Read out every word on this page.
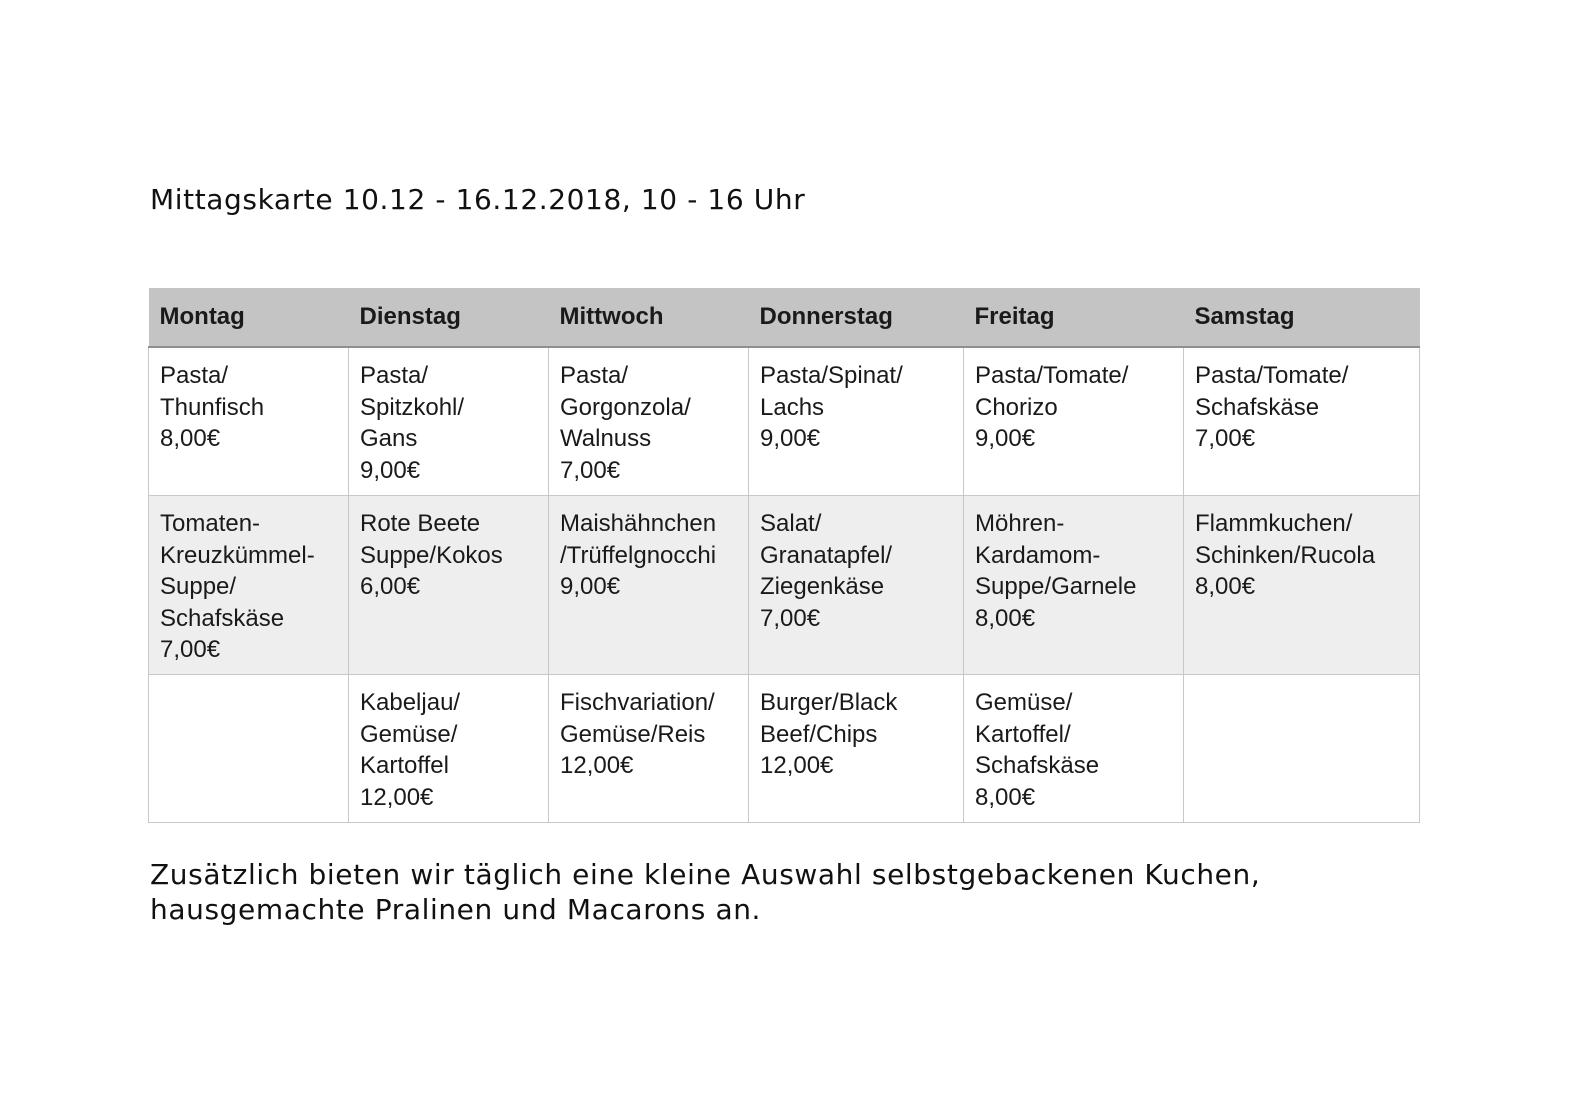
Mittagskarte 10.12 - 16.12.2018, 10 - 16 Uhr
Montag	Dienstag	Mittwoch	Donnerstag	Freitag	Samstag

Pasta/
Thunfisch
8,00€	Pasta/
Spitzkohl/
Gans
9,00€	Pasta/
Gorgonzola/
Walnuss
7,00€	Pasta/Spinat/
Lachs
9,00€	Pasta/Tomate/
Chorizo
9,00€	Pasta/Tomate/
Schafskäse
7,00€

Tomaten-
Kreuzkümmel-
Suppe/
Schafskäse
7,00€	Rote Beete
Suppe/Kokos
6,00€	Maishähnchen
/Trüffelgnocchi
9,00€	Salat/
Granatapfel/
Ziegenkäse
7,00€	Möhren-
Kardamom-
Suppe/Garnele
8,00€	Flammkuchen/
Schinken/Rucola
8,00€

	Kabeljau/
Gemüse/
Kartoffel
12,00€	Fischvariation/
Gemüse/Reis
12,00€	Burger/Black
Beef/Chips
12,00€	Gemüse/
Kartoffel/
Schafskäse
8,00€	

Zusätzlich bieten wir täglich eine kleine Auswahl selbstgebackenen Kuchen, hausgemachte Pralinen und Macarons an.
